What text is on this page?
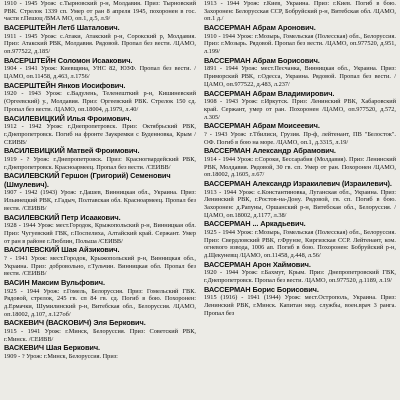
1910 - 1945 Урож: с.Тырновский р-н, Молдавия. Приз: Тырновский РВК. Стрелок 1339 сп. Умер от ран 8 апреля 1945, похоронен в гос. части г.Пешоц /ВМА МО, оп.1, д.5, л.9/

ВАСЕРШТЕЙН Летб Шаталович.

1911 - 1945 Урож: с.Атаки, Атакский р-н, Сорокский р, Молдавия. Приз: Атакский РВК, Молдавия. Рядовой. Пропал без вести. /ЦАМО, оп.977522, д.185/

ВАСЕРШТЕЙН Соломон Исаакович.

1904 - 1941 Урож: Киевщина, УНС 82, ЮЗФ. Пропал без вести. /ЦАМО, оп.11458, д.463, л.1756/

ВАСЕРШТЕЙН Янков Иосифович.

1920 - 1943 Урож: с.Вадулень, Телeнешткий р-н, Кишиневский (Оргеевский) у., Молдавия. Приз: Оргеевский РВК. Стрелок 150 сд. Пропал без вести. /ЦАМО, оп.18004, д.1979, л.40/

ВАСИЛЕВИЦКИЙ Илья Фроимович.

1912 - 1942 Урож: г.Днепропетровск. Приз: Октябрьский РВК, г.Днепропетровск. Погиб на фронте Заукремки с Буденновка, Крым /СЕИВВ/

ВАСИЛЕВИЦКИЙ Матвей Фроимович.

1919 - ? Урож: г.Днепропетровск. Приз: Красногвардейский РВК, г.Днепропетровск. Красноармеец. Пропал без вести. /СЕИВВ/

ВАСИЛЕВСКИЙ Гершон (Григорий) Семенович (Шмулевич).

1907 - 1942 (1943) Урож: г.Дашев, Винницкая обл., Украина. Приз: Ильинецкий РВК, г.Гадыч, Полтавская обл. Красноармеец. Пропал без вести. /СЕИВВ/

ВАСИЛЕВСКИЙ Петр Исаакович.

1928 - 1944 Урож: мест.Городок, Крыжопольский р-н, Винницкая обл. Приз: Чугуевский ГВК, г.Поспелиха, Алтайский край. Сержант. Умер от ран в районе г.Люблин, Польша /СЕИВВ/

ВАСИЛЕВСКИЙ Шая Айзикович.

? - 1941 Урож: мест.Городок, Крыжопольский р-н, Винницкая обл., Украина. Приз: добровольно, г.Тульчин. Винницкая обл. Пропал без вести. /СЕИВВ/

ВАСИН Максим Вульфович.

1925 - 1944 Урож: г.Гомель, Белоруссия. Приз: Гомельский ГВК. Рядовой, стрелок, 245 гв. сп 84 гв. сд. Погиб в бою. Похоронен: д.Ермачки, Шумилинский р-н, Витебская обл., Белоруссия. /ЦАМО, оп.18002, д.107, л.127об/

ВАСКЕВИЧ (ВАСКОВИЧ) Эля Беркович.

1915 - 1941 Урож: г.Минск, Белоруссия. Приз: Советский РВК, г.Минск. /СЕИВВ/

ВАСКЕВИЧ Шая Беркович.

1909 - ? Урож: г.Минск, Белоруссия. Приз:

1913 - 1944 Урож: г.Киев, Украина. Приз: г.Киев. Погиб в бою. Захоронен: Белорусская ССР, Бобруйский р-н, Витебская обл. /ЦАМО, оп.1 д./

ВАССЕРМАН Абрам Аронович.

1910 - 1944 Урож: г.Мозырь, Гомельская (Полесская) обл., Белоруссия. Приз: г.Мозырь. Рядовой. Пропал без вести. /ЦАМО, оп.977520, д.951, л.199/

ВАССЕРМАН Абрам Борисович.

1891 - 1944 Урож: мест.Песчанка, Винницкая обл., Украина. Приз: Приморский РВК, г.Одесса, Украина. Рядовой. Пропал без вести. /ЦАМО, оп.977522, д.483, л.237/

ВАССЕРМАН Абрам Владимирович.

1908 - 1943 Урож: г.Иркутск. Приз: Ленинский РВК, Хабаровский край. Сержант, умер от ран. Похоронен /ЦАМО, оп.977520, д.572, л.305/

ВАССЕРМАН Абрам Моисеевич.

? - 1943 Урож: г.Тбилиси, Грузия. Пр-ф, лейтенант, ПВ "Белосток". ОФ. Погиб в бою на море. /ЦАМО, оп.1, д.3315, л.19/

ВАССЕРМАН Александр Абрамович.

1914 - 1944 Урож: г.Сороки, Бессарабия (Молдавия). Приз: Ленинский РВК, Молдавия. Рядовой, 30 гв. сп. Умер от ран. Похоронен /ЦАМО, оп.18002, д.1605, л.67/

ВАССЕРМАН Александр Изракилевич (Израилевич).

1913 - 1944 Урож: с.Константиновка, Луганская обл., Украина. Приз: Ленинский РВК, г.Ростов-на-Дону. Рядовой, гв. сп. Погиб в бою. Захоронен: д.Рапуны, Оршанский р-н, Витебская обл., Белоруссия. /ЦАМО, оп.18002, д.1177, л.38/

ВАССЕРМАН ... Аркадьевич.

1925 - 1944 Урож: г.Мозырь, Гомельская (Полесская) обл., Белоруссия. Приз: Свердловский РВК, г.Фрунзе, Киргизская ССР. Лейтенант, ком. огневого взвода, 1006 ап. Погиб в бою. Похоронен: Бобруйский р-н, д.Щекуневщ /ЦАМО, оп.11458, д.448, л.56/

ВАССЕРМАН Арон Хаймович.

1920 - 1944 Урож: г.Бахмут, Крым. Приз: Днепропетровский ГВК, г.Днепропетровск. Пропал без вести. /ЦАМО, оп.977520, д.1189, л.19/

ВАССЕРМАН Борис Борисович.

1915 (1916) - 1941 (1944) Урож: мест.Острополь, Украина. Приз: Ленинский РВК, г.Минск. Капитан мед. службы, воен.врач 3 ранга. Пропал без
